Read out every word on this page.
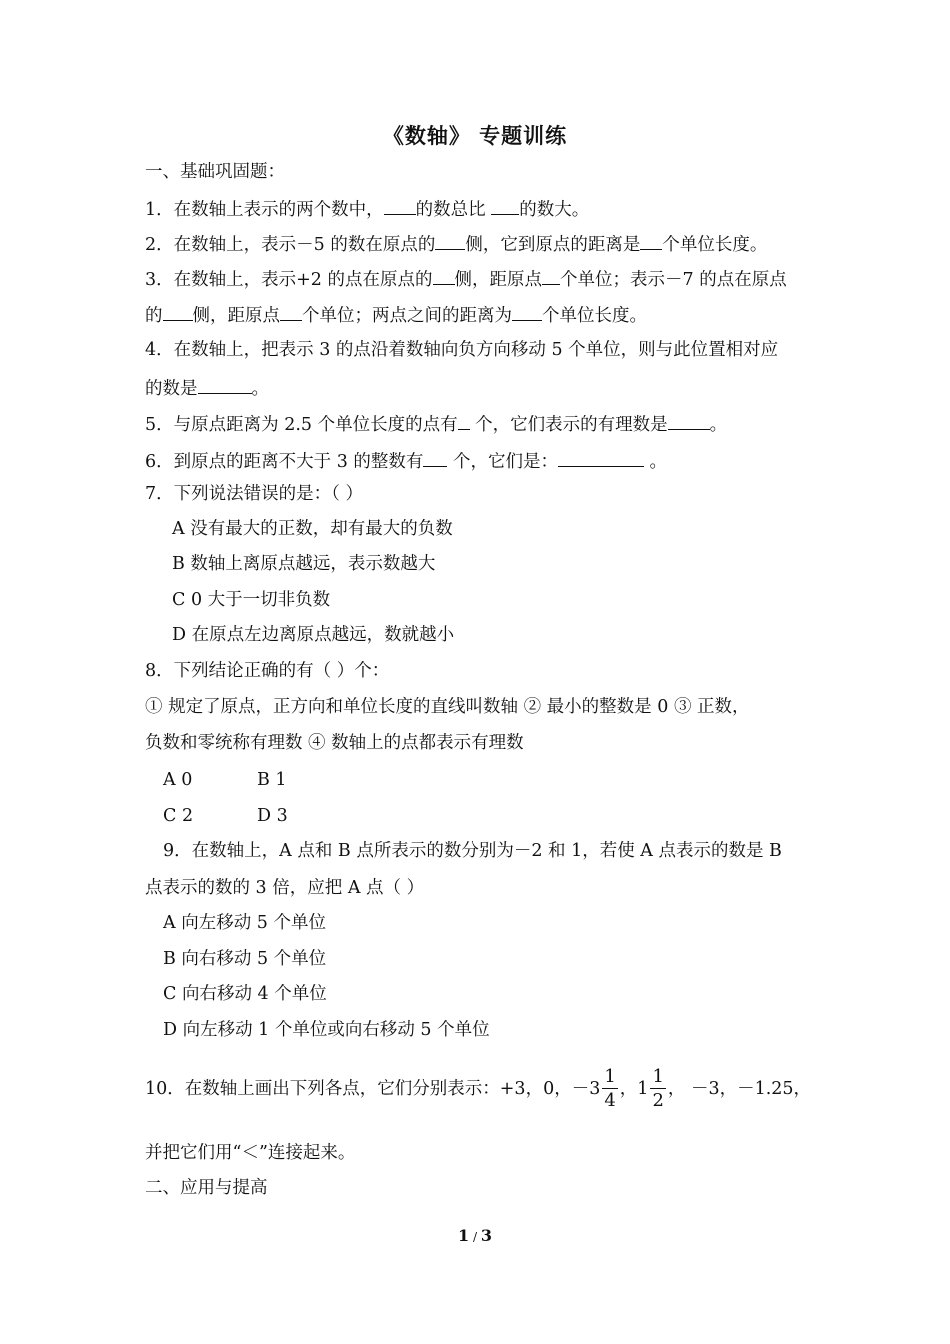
《数轴》 专题训练
一、基础巩固题：
1．在数轴上表示的两个数中， 的数总比 的数大。
2．在数轴上，表示－5 的数在原点的 侧，它到原点的距离是 个单位长度。
3．在数轴上，表示+2 的点在原点的 侧，距原点 个单位；表示－7 的点在原点
的 侧，距原点 个单位；两点之间的距离为 个单位长度。
4．在数轴上，把表示 3 的点沿着数轴向负方向移动 5 个单位，则与此位置相对应
的数是	。
5．与原点距离为 2.5 个单位长度的点有 个，它们表示的有理数是 。
6．到原点的距离不大于 3 的整数有 个，它们是：	。
7．下列说法错误的是：（ ）
A 没有最大的正数，却有最大的负数
B 数轴上离原点越远，表示数越大
C 0 大于一切非负数
D 在原点左边离原点越远，数就越小
8．下列结论正确的有（ ）个：
① 规定了原点，正方向和单位长度的直线叫数轴 ② 最小的整数是 0 ③ 正数，
负数和零统称有理数 ④ 数轴上的点都表示有理数
A 0	B 1
C 2	D 3
9．在数轴上，A 点和 B 点所表示的数分别为－2 和 1，若使 A 点表示的数是 B
点表示的数的 3 倍，应把 A 点（ ）
A 向左移动 5 个单位
B 向右移动 5 个单位
C 向右移动 4 个单位
D 向左移动 1 个单位或向右移动 5 个单位
10．在数轴上画出下列各点，它们分别表示：+3，0，$-3 \frac{1}{4}$ ，$1 \frac{1}{2}$ ， －3，－1.25，
并把它们用“＜”连接起来。
二、应用与提高
1 / 3
